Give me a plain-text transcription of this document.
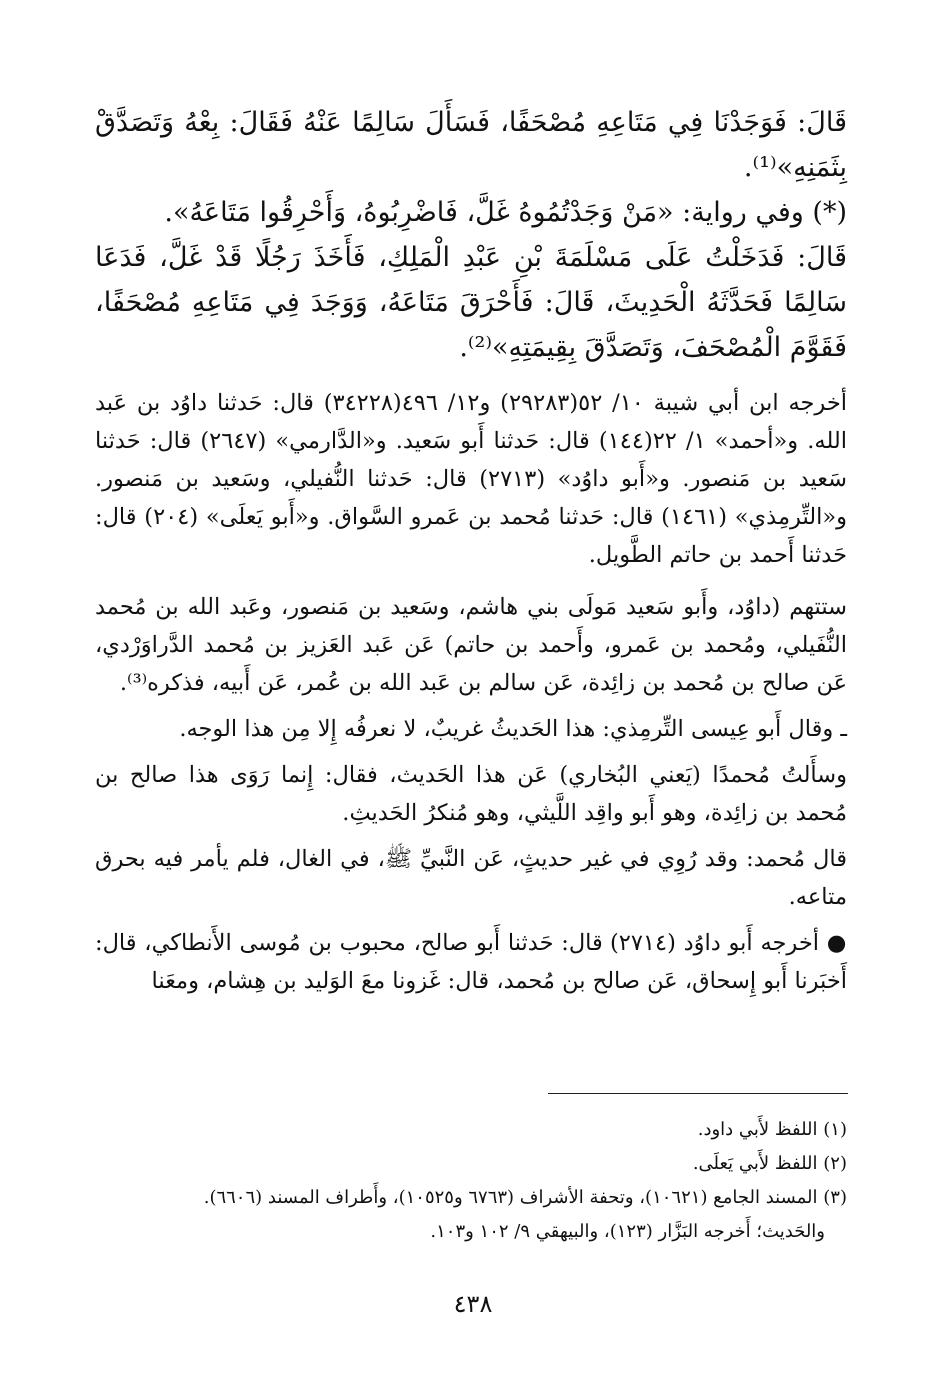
قَالَ: فَوَجَدْنَا فِي مَتَاعِهِ مُصْحَفًا، فَسَأَلَ سَالِمًا عَنْهُ فَقَالَ: بِعْهُ وَتَصَدَّقْ بِثَمَنِهِ»⁽¹⁾.

(*) وفي رواية: «مَنْ وَجَدْتُمُوهُ غَلَّ، فَاضْرِبُوهُ، وَأَحْرِقُوا مَتَاعَهُ».

قَالَ: فَدَخَلْتُ عَلَى مَسْلَمَةَ بْنِ عَبْدِ الْمَلِكِ، فَأَخَذَ رَجُلًا قَدْ غَلَّ، فَدَعَا سَالِمًا فَحَدَّثَهُ الْحَدِيثَ، قَالَ: فَأَحْرَقَ مَتَاعَهُ، وَوَجَدَ فِي مَتَاعِهِ مُصْحَفًا، فَقَوَّمَ الْمُصْحَفَ، وَتَصَدَّقَ بِقِيمَتِهِ»⁽²⁾.

أخرجه ابن أبي شيبة ١٠/ ٥٢(٢٩٢٨٣) و١٢/ ٤٩٦(٣٤٢٢٨) قال: حَدثنا داوُد بن عَبد الله. و«أحمد» ١/ ٢٢(١٤٤) قال: حَدثنا أَبو سَعيد. و«الدَّارمي» (٢٦٤٧) قال: حَدثنا سَعيد بن مَنصور. و«أَبو داوُد» (٢٧١٣) قال: حَدثنا النُّفيلي، وسَعيد بن مَنصور. و«التِّرمِذي» (١٤٦١) قال: حَدثنا مُحمد بن عَمرو السَّواق. و«أَبو يَعلَى» (٢٠٤) قال: حَدثنا أَحمد بن حاتم الطَّويل.

ستتهم (داوُد، وأَبو سَعيد مَولَى بني هاشم، وسَعيد بن مَنصور، وعَبد الله بن مُحمد النُّفَيلي، ومُحمد بن عَمرو، وأَحمد بن حاتم) عَن عَبد العَزيز بن مُحمد الدَّراوَرْدي، عَن صالح بن مُحمد بن زائِدة، عَن سالم بن عَبد الله بن عُمر، عَن أَبيه، فذكره⁽³⁾.

ـ وقال أَبو عِيسى التِّرمِذي: هذا الحَديثُ غريبٌ، لا نعرفُه إِلا مِن هذا الوجه.

وسأَلتُ مُحمدًا (يَعني البُخاري) عَن هذا الحَديث، فقال: إِنما رَوَى هذا صالح بن مُحمد بن زائِدة، وهو أَبو واقِد اللَّيثي، وهو مُنكرُ الحَديثِ.

قال مُحمد: وقد رُوِي في غير حديثٍ، عَن النَّبيِّ ﷺ، في الغال، فلم يأمر فيه بحرق متاعه.

● أخرجه أَبو داوُد (٢٧١٤) قال: حَدثنا أَبو صالح، محبوب بن مُوسى الأَنطاكي، قال: أَخبَرنا أَبو إِسحاق، عَن صالح بن مُحمد، قال: غَزونا معَ الوَليد بن هِشام، ومعَنا

(١) اللفظ لأَبي داود.

(٢) اللفظ لأَبي يَعلَى.

(٣) المسند الجامع (١٠٦٢١)، وتحفة الأشراف (٦٧٦٣ و١٠٥٢٥)، وأَطراف المسند (٦٦٠٦).

والحَديث؛ أَخرجه البَزَّار (١٢٣)، والبيهقي ٩/ ١٠٢ و١٠٣.

٤٣٨
